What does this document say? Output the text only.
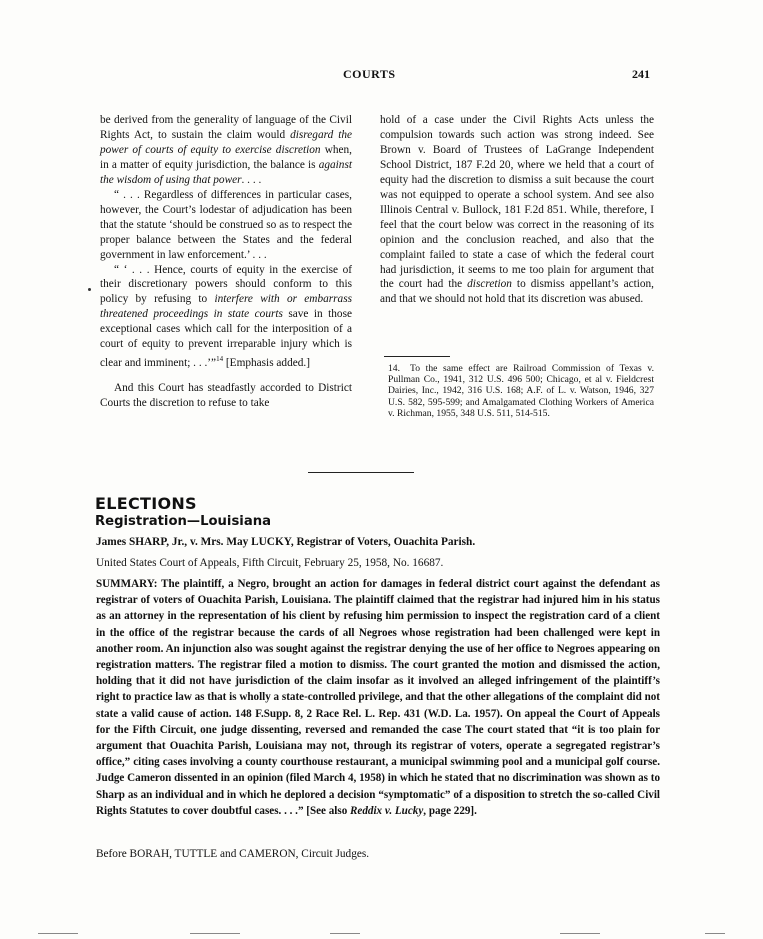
COURTS	241

be derived from the generality of language of the Civil Rights Act, to sustain the claim would disregard the power of courts of equity to exercise discretion when, in a matter of equity jurisdiction, the balance is against the wisdom of using that power. . . .

“ . . . Regardless of differences in particular cases, however, the Court’s lodestar of adjudication has been that the statute ‘should be construed so as to respect the proper balance between the States and the federal government in law enforcement.’ . . .

“ ‘ . . . Hence, courts of equity in the exercise of their discretionary powers should conform to this policy by refusing to interfere with or embarrass threatened proceedings in state courts save in those exceptional cases which call for the interposition of a court of equity to prevent irreparable injury which is clear and imminent; . . .’”$^{14}$ [Emphasis added.]

And this Court has steadfastly accorded to District Courts the discretion to refuse to take

hold of a case under the Civil Rights Acts unless the compulsion towards such action was strong indeed. See Brown v. Board of Trustees of LaGrange Independent School District, 187 F.2d 20, where we held that a court of equity had the discretion to dismiss a suit because the court was not equipped to operate a school system. And see also Illinois Central v. Bullock, 181 F.2d 851. While, therefore, I feel that the court below was correct in the reasoning of its opinion and the conclusion reached, and also that the complaint failed to state a case of which the federal court had jurisdiction, it seems to me too plain for argument that the court had the discretion to dismiss appellant’s action, and that we should not hold that its discretion was abused.

14. To the same effect are Railroad Commission of Texas v. Pullman Co., 1941, 312 U.S. 496 500; Chicago, et al v. Fieldcrest Dairies, Inc., 1942, 316 U.S. 168; A.F. of L. v. Watson, 1946, 327 U.S. 582, 595-599; and Amalgamated Clothing Workers of America v. Richman, 1955, 348 U.S. 511, 514-515.
ELECTIONS
Registration—Louisiana
James SHARP, Jr., v. Mrs. May LUCKY, Registrar of Voters, Ouachita Parish.
United States Court of Appeals, Fifth Circuit, February 25, 1958, No. 16687.
SUMMARY: The plaintiff, a Negro, brought an action for damages in federal district court against the defendant as registrar of voters of Ouachita Parish, Louisiana. The plaintiff claimed that the registrar had injured him in his status as an attorney in the representation of his client by refusing him permission to inspect the registration card of a client in the office of the registrar because the cards of all Negroes whose registration had been challenged were kept in another room. An injunction also was sought against the registrar denying the use of her office to Negroes appearing on registration matters. The registrar filed a motion to dismiss. The court granted the motion and dismissed the action, holding that it did not have jurisdiction of the claim insofar as it involved an alleged infringement of the plaintiff’s right to practice law as that is wholly a state-controlled privilege, and that the other allegations of the complaint did not state a valid cause of action. 148 F.Supp. 8, 2 Race Rel. L. Rep. 431 (W.D. La. 1957). On appeal the Court of Appeals for the Fifth Circuit, one judge dissenting, reversed and remanded the case The court stated that “it is too plain for argument that Ouachita Parish, Louisiana may not, through its registrar of voters, operate a segregated registrar’s office,” citing cases involving a county courthouse restaurant, a municipal swimming pool and a municipal golf course. Judge Cameron dissented in an opinion (filed March 4, 1958) in which he stated that no discrimination was shown as to Sharp as an individual and in which he deplored a decision “symptomatic” of a disposition to stretch the so-called Civil Rights Statutes to cover doubtful cases. . . .” [See also Reddix v. Lucky, page 229].
Before BORAH, TUTTLE and CAMERON, Circuit Judges.
